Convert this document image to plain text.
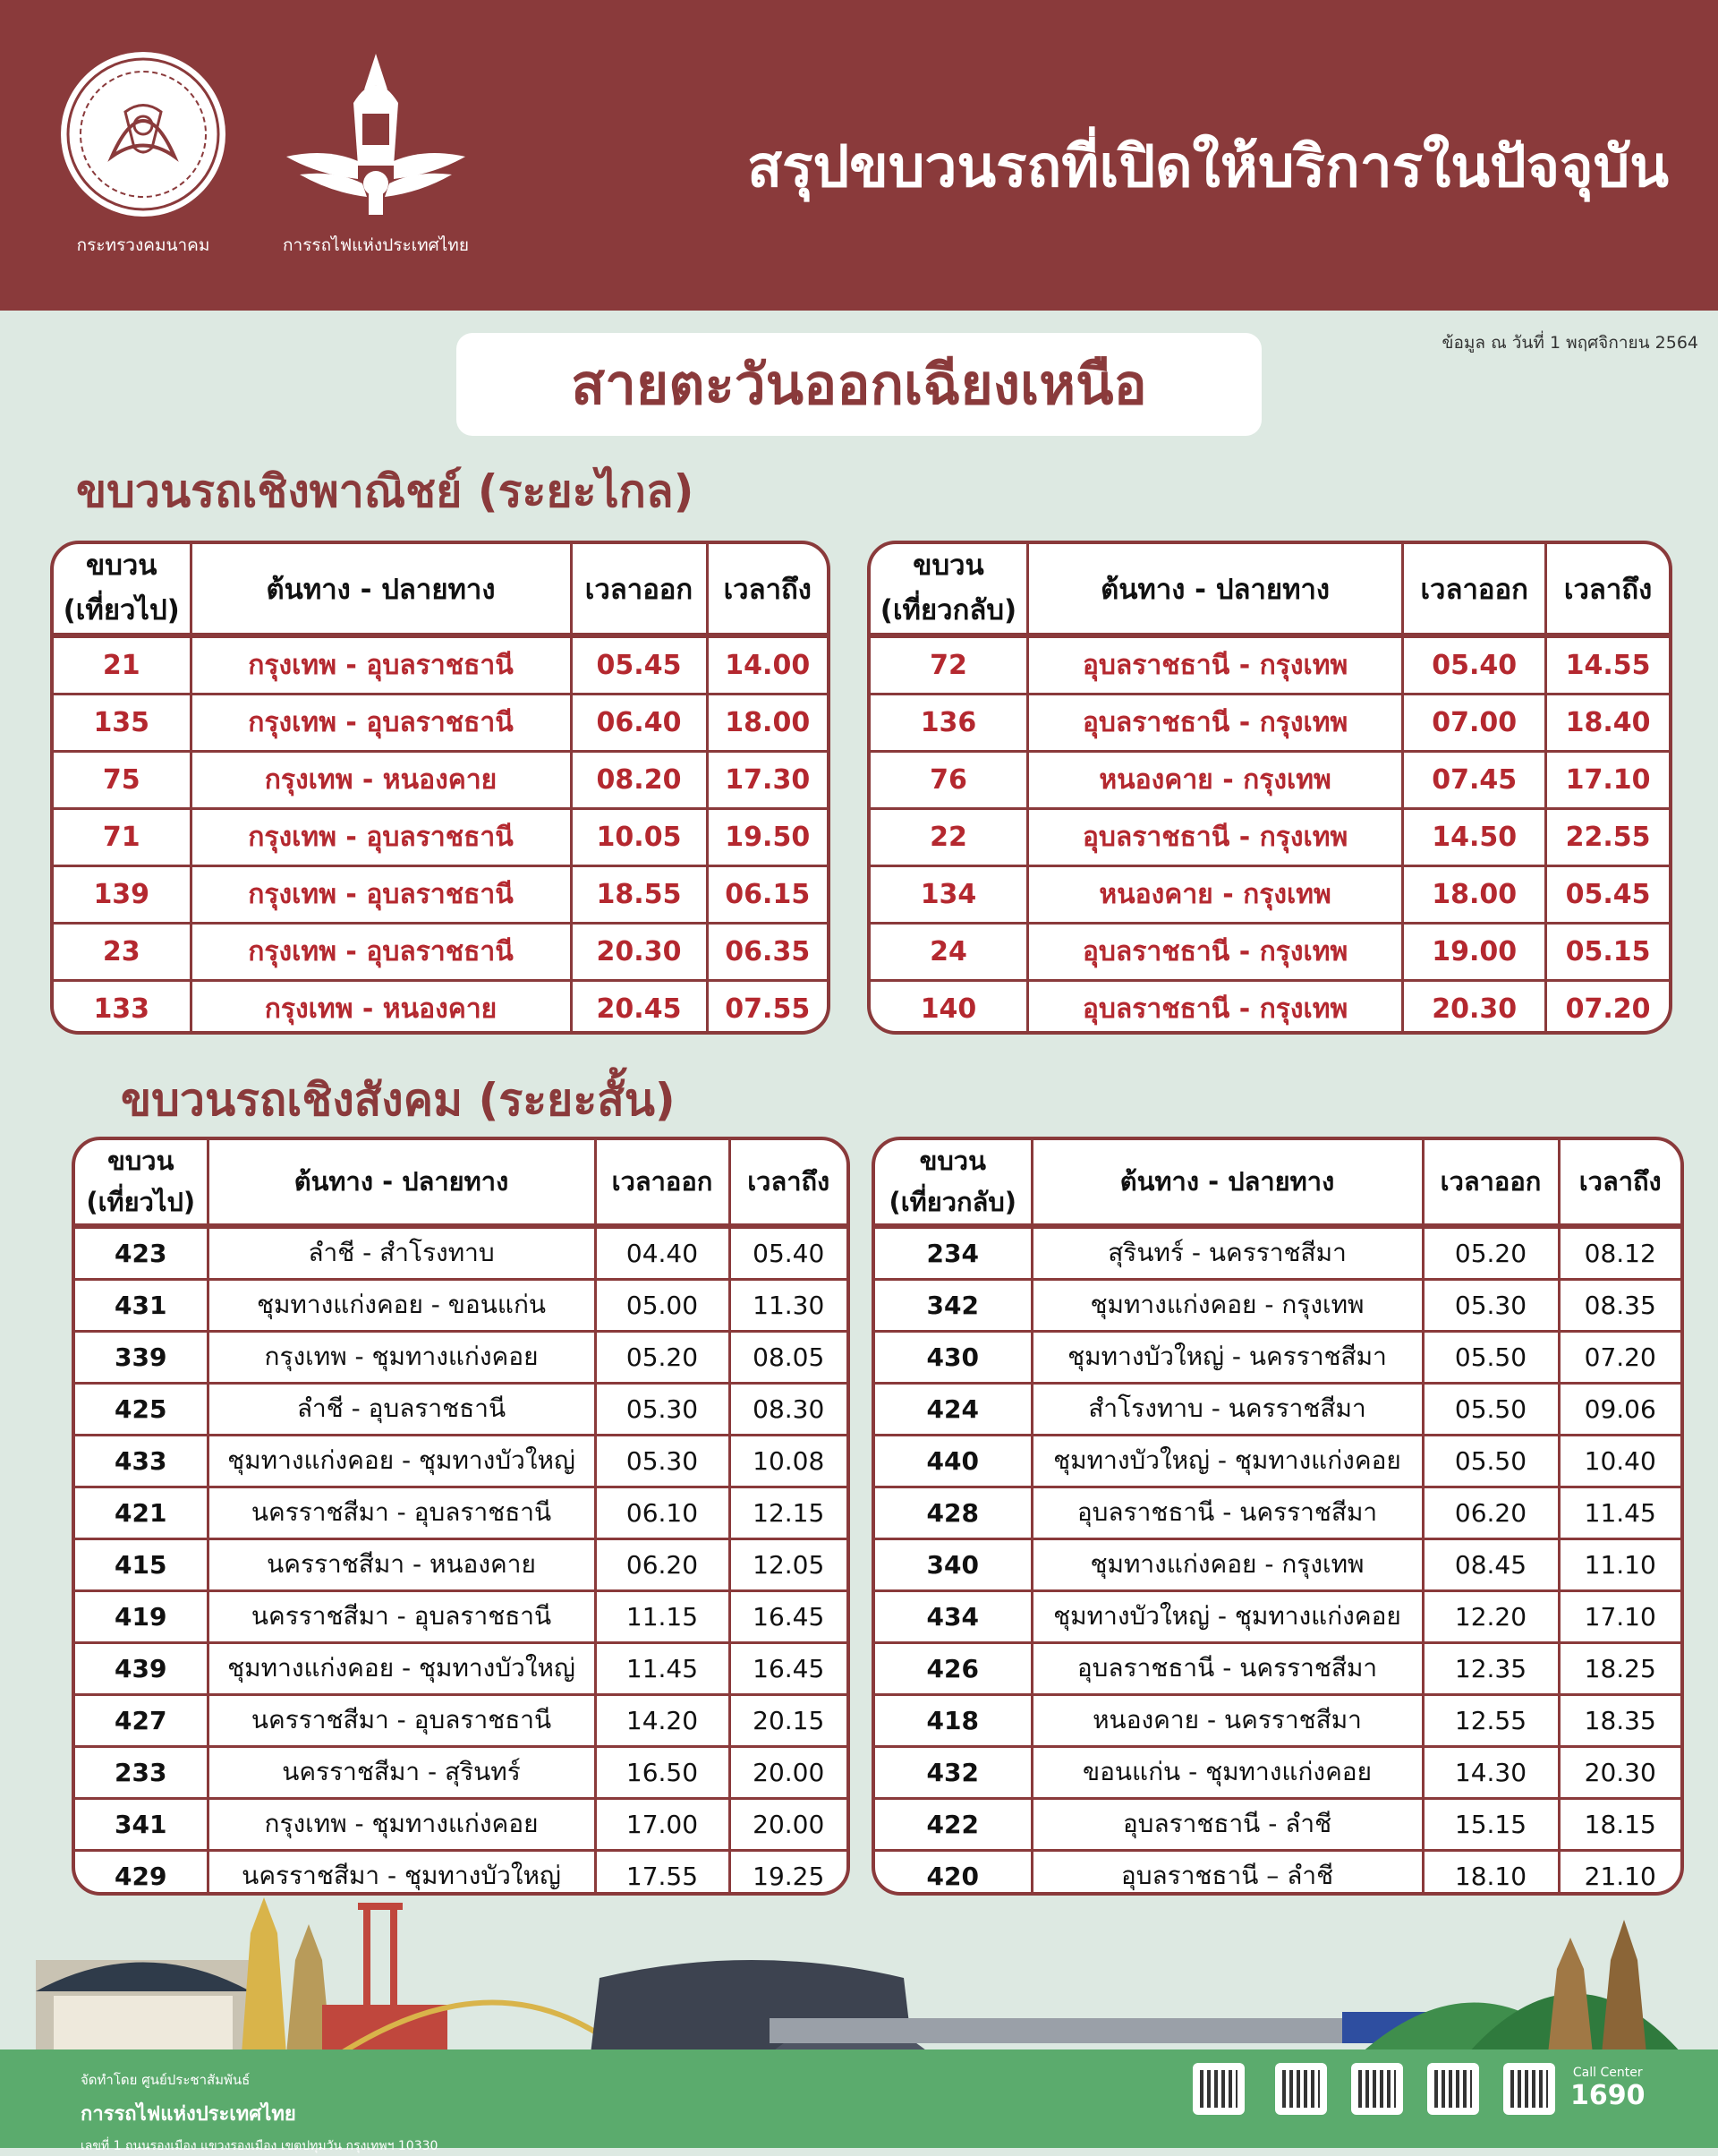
กระทรวงคมนาคม	การรถไฟแห่งประเทศไทย
สรุปขบวนรถที่เปิดให้บริการในปัจจุบัน
ข้อมูล ณ วันที่ 1 พฤศจิกายน 2564
สายตะวันออกเฉียงเหนือ
ขบวนรถเชิงพาณิชย์ (ระยะไกล)
ขบวน
(เที่ยวไป)	ต้นทาง - ปลายทาง	เวลาออก	เวลาถึง
21	กรุงเทพ - อุบลราชธานี	05.45	14.00
135	กรุงเทพ - อุบลราชธานี	06.40	18.00
75	กรุงเทพ - หนองคาย	08.20	17.30
71	กรุงเทพ - อุบลราชธานี	10.05	19.50
139	กรุงเทพ - อุบลราชธานี	18.55	06.15
23	กรุงเทพ - อุบลราชธานี	20.30	06.35
133	กรุงเทพ - หนองคาย	20.45	07.55
ขบวน
(เที่ยวกลับ)	ต้นทาง - ปลายทาง	เวลาออก	เวลาถึง
72	อุบลราชธานี - กรุงเทพ	05.40	14.55
136	อุบลราชธานี - กรุงเทพ	07.00	18.40
76	หนองคาย - กรุงเทพ	07.45	17.10
22	อุบลราชธานี - กรุงเทพ	14.50	22.55
134	หนองคาย - กรุงเทพ	18.00	05.45
24	อุบลราชธานี - กรุงเทพ	19.00	05.15
140	อุบลราชธานี - กรุงเทพ	20.30	07.20
ขบวนรถเชิงสังคม (ระยะสั้น)
ขบวน
(เที่ยวไป)	ต้นทาง - ปลายทาง	เวลาออก	เวลาถึง
423	ลำชี - สำโรงทาบ	04.40	05.40
431	ชุมทางแก่งคอย - ขอนแก่น	05.00	11.30
339	กรุงเทพ - ชุมทางแก่งคอย	05.20	08.05
425	ลำชี - อุบลราชธานี	05.30	08.30
433	ชุมทางแก่งคอย - ชุมทางบัวใหญ่	05.30	10.08
421	นครราชสีมา - อุบลราชธานี	06.10	12.15
415	นครราชสีมา - หนองคาย	06.20	12.05
419	นครราชสีมา - อุบลราชธานี	11.15	16.45
439	ชุมทางแก่งคอย - ชุมทางบัวใหญ่	11.45	16.45
427	นครราชสีมา - อุบลราชธานี	14.20	20.15
233	นครราชสีมา - สุรินทร์	16.50	20.00
341	กรุงเทพ - ชุมทางแก่งคอย	17.00	20.00
429	นครราชสีมา - ชุมทางบัวใหญ่	17.55	19.25
ขบวน
(เที่ยวกลับ)	ต้นทาง - ปลายทาง	เวลาออก	เวลาถึง
234	สุรินทร์ - นครราชสีมา	05.20	08.12
342	ชุมทางแก่งคอย - กรุงเทพ	05.30	08.35
430	ชุมทางบัวใหญ่ - นครราชสีมา	05.50	07.20
424	สำโรงทาบ - นครราชสีมา	05.50	09.06
440	ชุมทางบัวใหญ่ - ชุมทางแก่งคอย	05.50	10.40
428	อุบลราชธานี - นครราชสีมา	06.20	11.45
340	ชุมทางแก่งคอย - กรุงเทพ	08.45	11.10
434	ชุมทางบัวใหญ่ - ชุมทางแก่งคอย	12.20	17.10
426	อุบลราชธานี - นครราชสีมา	12.35	18.25
418	หนองคาย - นครราชสีมา	12.55	18.35
432	ขอนแก่น - ชุมทางแก่งคอย	14.30	20.30
422	อุบลราชธานี - ลำชี	15.15	18.15
420	อุบลราชธานี – ลำชี	18.10	21.10
จัดทำโดย ศูนย์ประชาสัมพันธ์
การรถไฟแห่งประเทศไทย
เลขที่ 1 ถนนรองเมือง แขวงรองเมือง เขตปทุมวัน กรุงเทพฯ 10330
Call Center
1690
